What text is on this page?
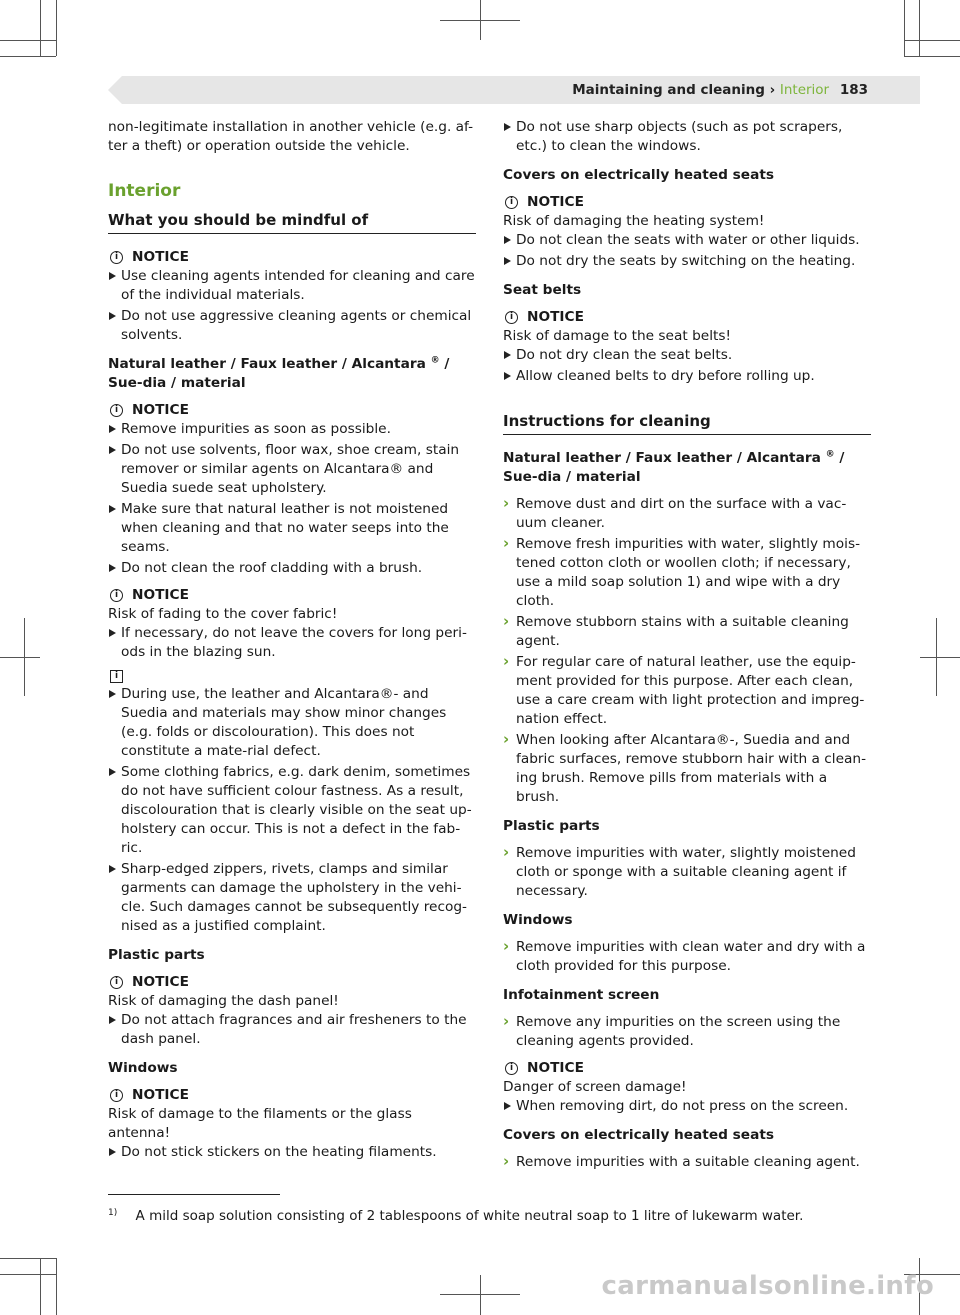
Maintaining and cleaning › Interior 183

non-legitimate installation in another vehicle (e.g. af-ter a theft) or operation outside the vehicle.

Interior
What you should be mindful of
i	NOTICE
Use cleaning agents intended for cleaning and care of the individual materials.
Do not use aggressive cleaning agents or chemical solvents.
Natural leather / Faux leather / Alcantara ® / Sue-dia / material
i	NOTICE
Remove impurities as soon as possible.
Do not use solvents, floor wax, shoe cream, stain remover or similar agents on Alcantara® and Suedia suede seat upholstery.
Make sure that natural leather is not moistened when cleaning and that no water seeps into the seams.
Do not clean the roof cladding with a brush.
i	NOTICE

Risk of fading to the cover fabric!

If necessary, do not leave the covers for long peri-ods in the blazing sun.
i
During use, the leather and Alcantara®- and Suedia and materials may show minor changes (e.g. folds or discolouration). This does not constitute a mate-rial defect.
Some clothing fabrics, e.g. dark denim, sometimes do not have sufficient colour fastness. As a result, discolouration that is clearly visible on the seat up-holstery can occur. This is not a defect in the fab-ric.
Sharp-edged zippers, rivets, clamps and similar garments can damage the upholstery in the vehi-cle. Such damages cannot be subsequently recog-nised as a justified complaint.
Plastic parts
i	NOTICE

Risk of damaging the dash panel!

Do not attach fragrances and air fresheners to the dash panel.
Windows
i	NOTICE

Risk of damage to the filaments or the glass antenna!

Do not stick stickers on the heating filaments.
Do not use sharp objects (such as pot scrapers, etc.) to clean the windows.
Covers on electrically heated seats
i	NOTICE

Risk of damaging the heating system!

Do not clean the seats with water or other liquids.
Do not dry the seats by switching on the heating.
Seat belts
i	NOTICE

Risk of damage to the seat belts!

Do not dry clean the seat belts.
Allow cleaned belts to dry before rolling up.
Instructions for cleaning
Natural leather / Faux leather / Alcantara ® / Sue-dia / material
› Remove dust and dirt on the surface with a vac-uum cleaner.
› Remove fresh impurities with water, slightly mois-tened cotton cloth or woollen cloth; if necessary, use a mild soap solution 1) and wipe with a dry cloth.
› Remove stubborn stains with a suitable cleaning agent.
› For regular care of natural leather, use the equip-ment provided for this purpose. After each clean, use a care cream with light protection and impreg-nation effect.
› When looking after Alcantara®-, Suedia and and fabric surfaces, remove stubborn hair with a clean-ing brush. Remove pills from materials with a brush.
Plastic parts
› Remove impurities with water, slightly moistened cloth or sponge with a suitable cleaning agent if necessary.
Windows
› Remove impurities with clean water and dry with a cloth provided for this purpose.
Infotainment screen
› Remove any impurities on the screen using the cleaning agents provided.
i	NOTICE

Danger of screen damage!

When removing dirt, do not press on the screen.
Covers on electrically heated seats
› Remove impurities with a suitable cleaning agent.
$^{1)}$ A mild soap solution consisting of 2 tablespoons of white neutral soap to 1 litre of lukewarm water.
carmanualsonline.info
